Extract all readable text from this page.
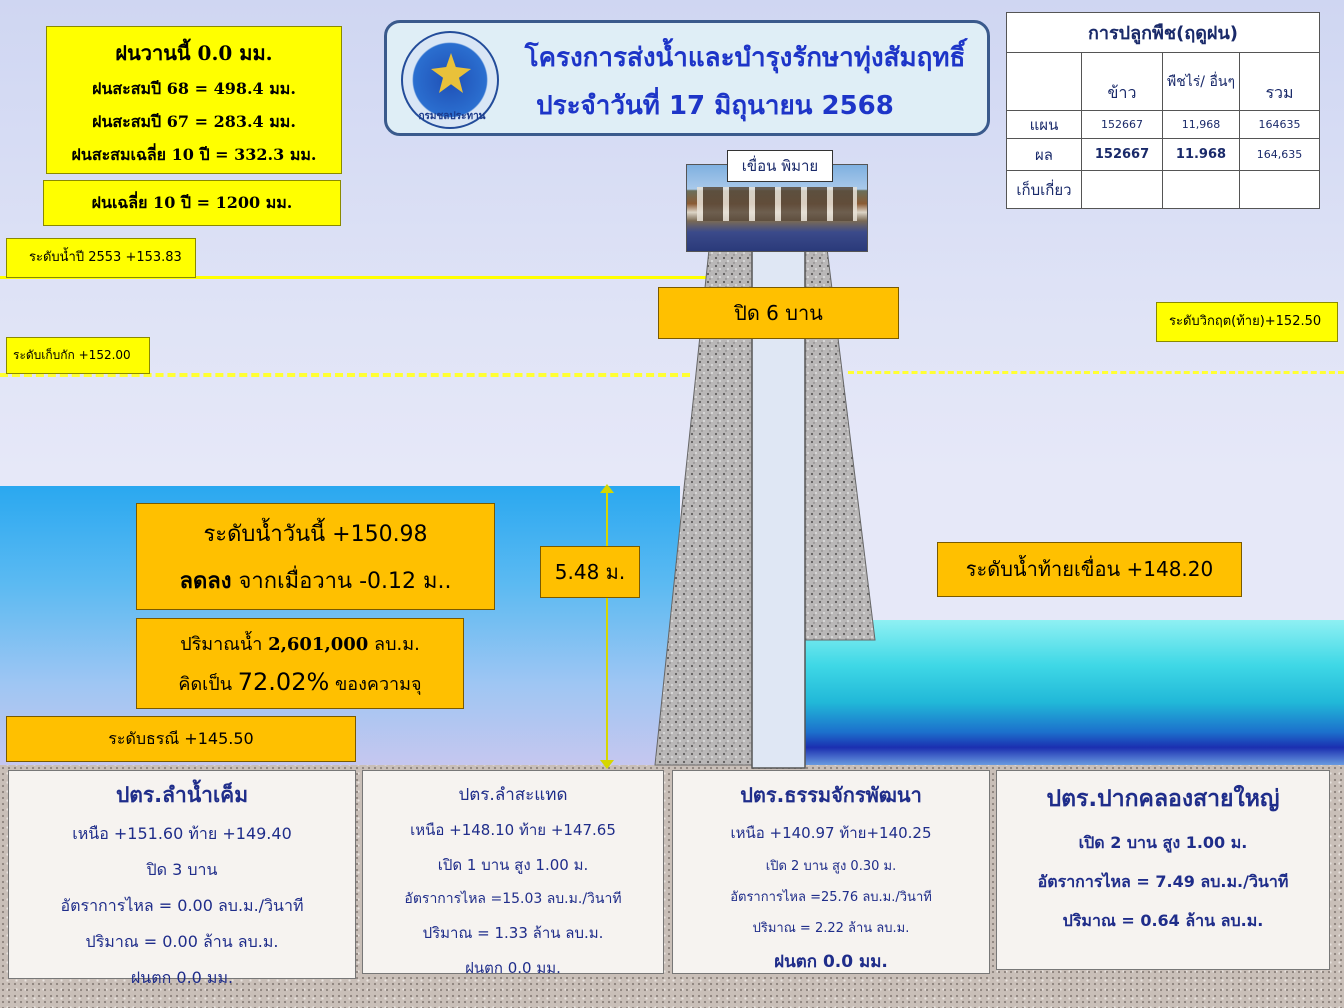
เขื่อน พิมาย
ปิด 6 บาน
5.48 ม.
ฝนวานนี้ 0.0 มม.
ฝนสะสมปี 68 = 498.4 มม.
ฝนสะสมปี 67 = 283.4 มม.
ฝนสะสมเฉลี่ย 10 ปี = 332.3 มม.
ฝนเฉลี่ย 10 ปี = 1200 มม.
ระดับน้ำปี 2553 +153.83
ระดับเก็บกัก +152.00
ระดับวิกฤต(ท้าย)+152.50
กรมชลประทาน
โครงการส่งน้ำและบำรุงรักษาทุ่งสัมฤทธิ์
ประจำวันที่ 17 มิถุนายน 2568
การปลูกพืช(ฤดูฝน)			
	ข้าว	พืชไร่/ อื่นๆ	รวม
แผน	152667	11,968	164635
ผล	152667	11.968	164,635
เก็บเกี่ยว			
ระดับน้ำวันนี้ +150.98
ลดลง จากเมื่อวาน -0.12 ม..
ปริมาณน้ำ 2,601,000 ลบ.ม.
คิดเป็น 72.02% ของความจุ
ระดับธรณี +145.50
ระดับน้ำท้ายเขื่อน +148.20
ปตร.ลำน้ำเค็ม
เหนือ +151.60 ท้าย +149.40
ปิด 3 บาน
อัตราการไหล = 0.00 ลบ.ม./วินาที
ปริมาณ = 0.00 ล้าน ลบ.ม.
ฝนตก 0.0 มม.
ปตร.ลำสะแทด
เหนือ +148.10 ท้าย +147.65
เปิด 1 บาน สูง 1.00 ม.
อัตราการไหล =15.03 ลบ.ม./วินาที
ปริมาณ = 1.33 ล้าน ลบ.ม.
ฝนตก 0.0 มม.
ปตร.ธรรมจักรพัฒนา
เหนือ +140.97 ท้าย+140.25
เปิด 2 บาน สูง 0.30 ม.
อัตราการไหล =25.76 ลบ.ม./วินาที
ปริมาณ = 2.22 ล้าน ลบ.ม.
ฝนตก 0.0 มม.
ปตร.ปากคลองสายใหญ่
เปิด 2 บาน สูง 1.00 ม.
อัตราการไหล = 7.49 ลบ.ม./วินาที
ปริมาณ = 0.64 ล้าน ลบ.ม.
